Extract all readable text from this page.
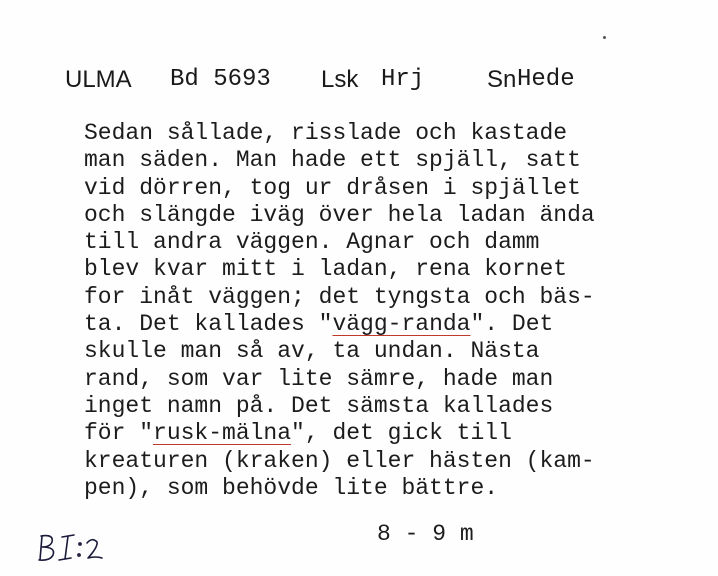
ULMA Bd 5693 Lsk Hrj	Sn Hede
Sedan sållade, risslade och kastade
man säden. Man hade ett spjäll, satt
vid dörren, tog ur dråsen i spjället
och slängde iväg över hela ladan ända
till andra väggen. Agnar och damm
blev kvar mitt i ladan, rena kornet
for inåt väggen; det tyngsta och bäs-
ta. Det kallades "vägg-randa". Det
skulle man så av, ta undan. Nästa
rand, som var lite sämre, hade man
inget namn på. Det sämsta kallades
för "rusk-mälna", det gick till
kreaturen (kraken) eller hästen (kam-
pen), som behövde lite bättre.
8 - 9 m
